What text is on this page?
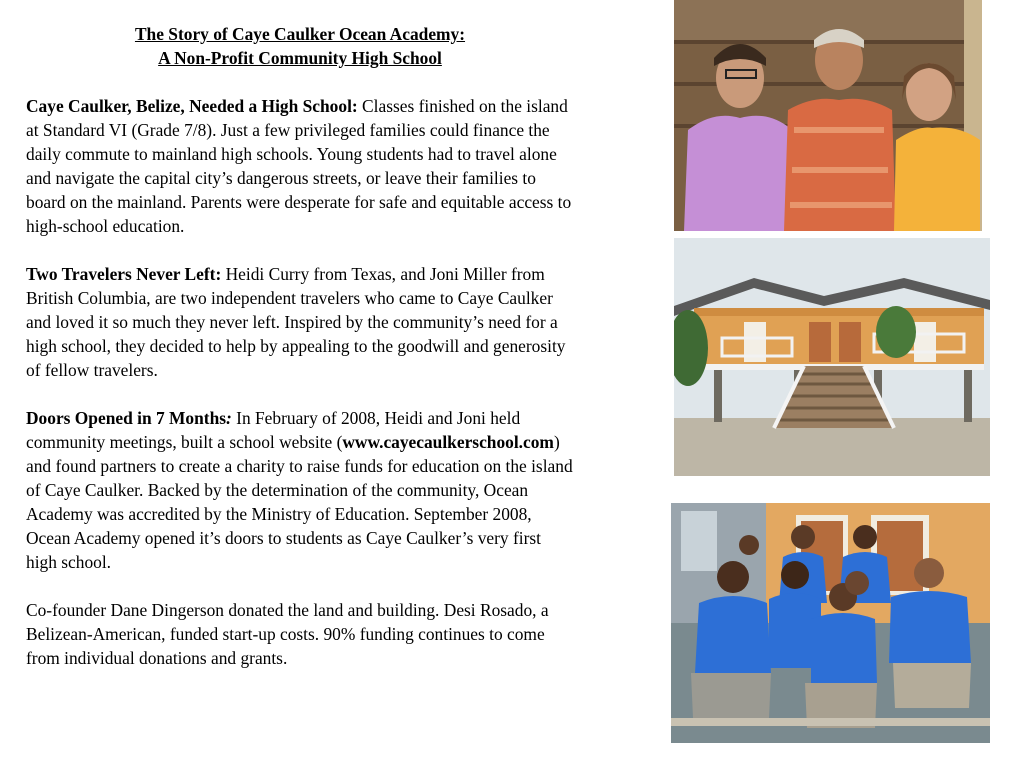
The Story of Caye Caulker Ocean Academy:
A Non-Profit Community High School

Caye Caulker, Belize, Needed a High School: Classes finished on the island at Standard VI (Grade 7/8). Just a few privileged families could finance the daily commute to mainland high schools. Young students had to travel alone and navigate the capital city’s dangerous streets, or leave their families to board on the mainland. Parents were desperate for safe and equitable access to high-school education.

Two Travelers Never Left: Heidi Curry from Texas, and Joni Miller from British Columbia, are two independent travelers who came to Caye Caulker and loved it so much they never left. Inspired by the community’s need for a high school, they decided to help by appealing to the goodwill and generosity of fellow travelers.

Doors Opened in 7 Months: In February of 2008, Heidi and Joni held community meetings, built a school website (www.cayecaulkerschool.com) and found partners to create a charity to raise funds for education on the island of Caye Caulker. Backed by the determination of the community, Ocean Academy was accredited by the Ministry of Education. September 2008, Ocean Academy opened it’s doors to students as Caye Caulker’s very first high school.

Co-founder Dane Dingerson donated the land and building. Desi Rosado, a Belizean-American, funded start-up costs. 90% funding continues to come from individual donations and grants.
